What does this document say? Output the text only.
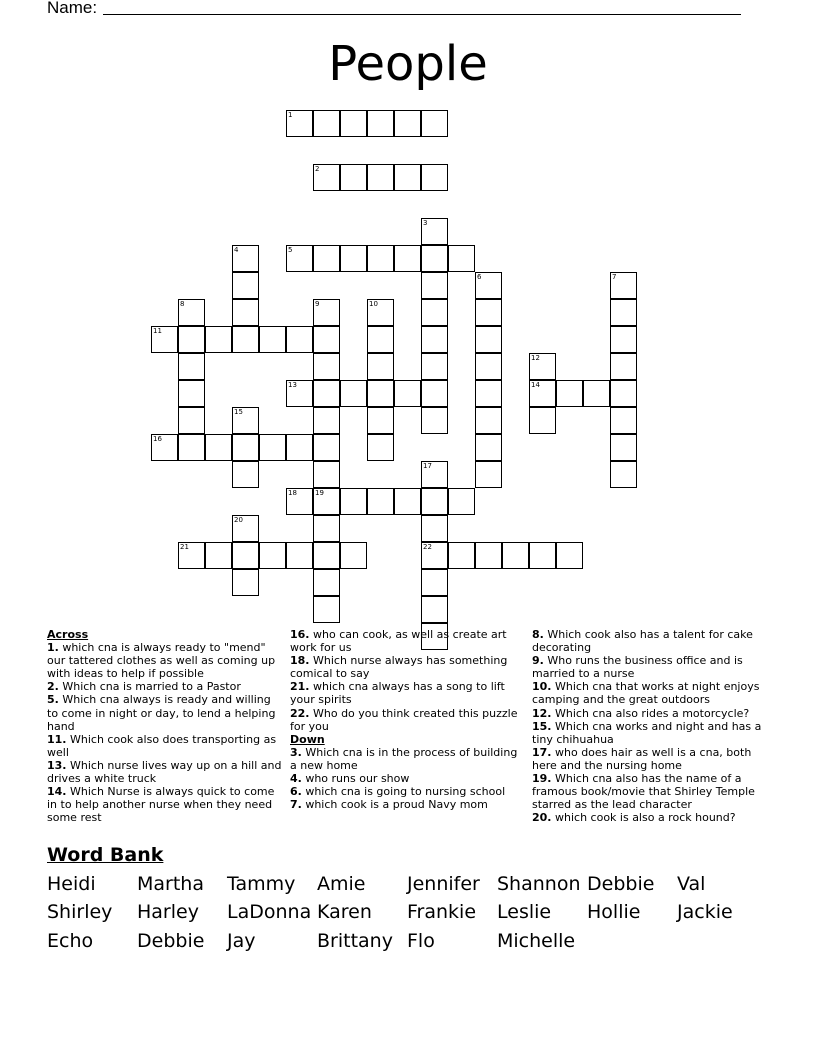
Name:
People
1
2
5
11
13	14
16
18	19
21	22
3
4
6	7
8	9	10
12
15
17
20
Across
1. which cna is always ready to "mend" our tattered clothes as well as coming up with ideas to help if possible
2. Which cna is married to a Pastor
5. Which cna always is ready and willing to come in night or day, to lend a helping hand
11. Which cook also does transporting as well
13. Which nurse lives way up on a hill and drives a white truck
14. Which Nurse is always quick to come in to help another nurse when they need some rest
16. who can cook, as well as create art work for us
18. Which nurse always has something comical to say
21. which cna always has a song to lift your spirits
22. Who do you think created this puzzle for you
Down
3. Which cna is in the process of building a new home
4. who runs our show
6. which cna is going to nursing school
7. which cook is a proud Navy mom
8. Which cook also has a talent for cake decorating
9. Who runs the business office and is married to a nurse
10. Which cna that works at night enjoys camping and the great outdoors
12. Which cna also rides a motorcycle?
15. Which cna works and night and has a tiny chihuahua
17. who does hair as well is a cna, both here and the nursing home
19. Which cna also has the name of a framous book/movie that Shirley Temple starred as the lead character
20. which cook is also a rock hound?
Word Bank
Heidi Martha Tammy Amie Jennifer Shannon Debbie Val
Shirley Harley LaDonna Karen Frankie Leslie Hollie Jackie
Echo Debbie Jay	Brittany Flo	Michelle
